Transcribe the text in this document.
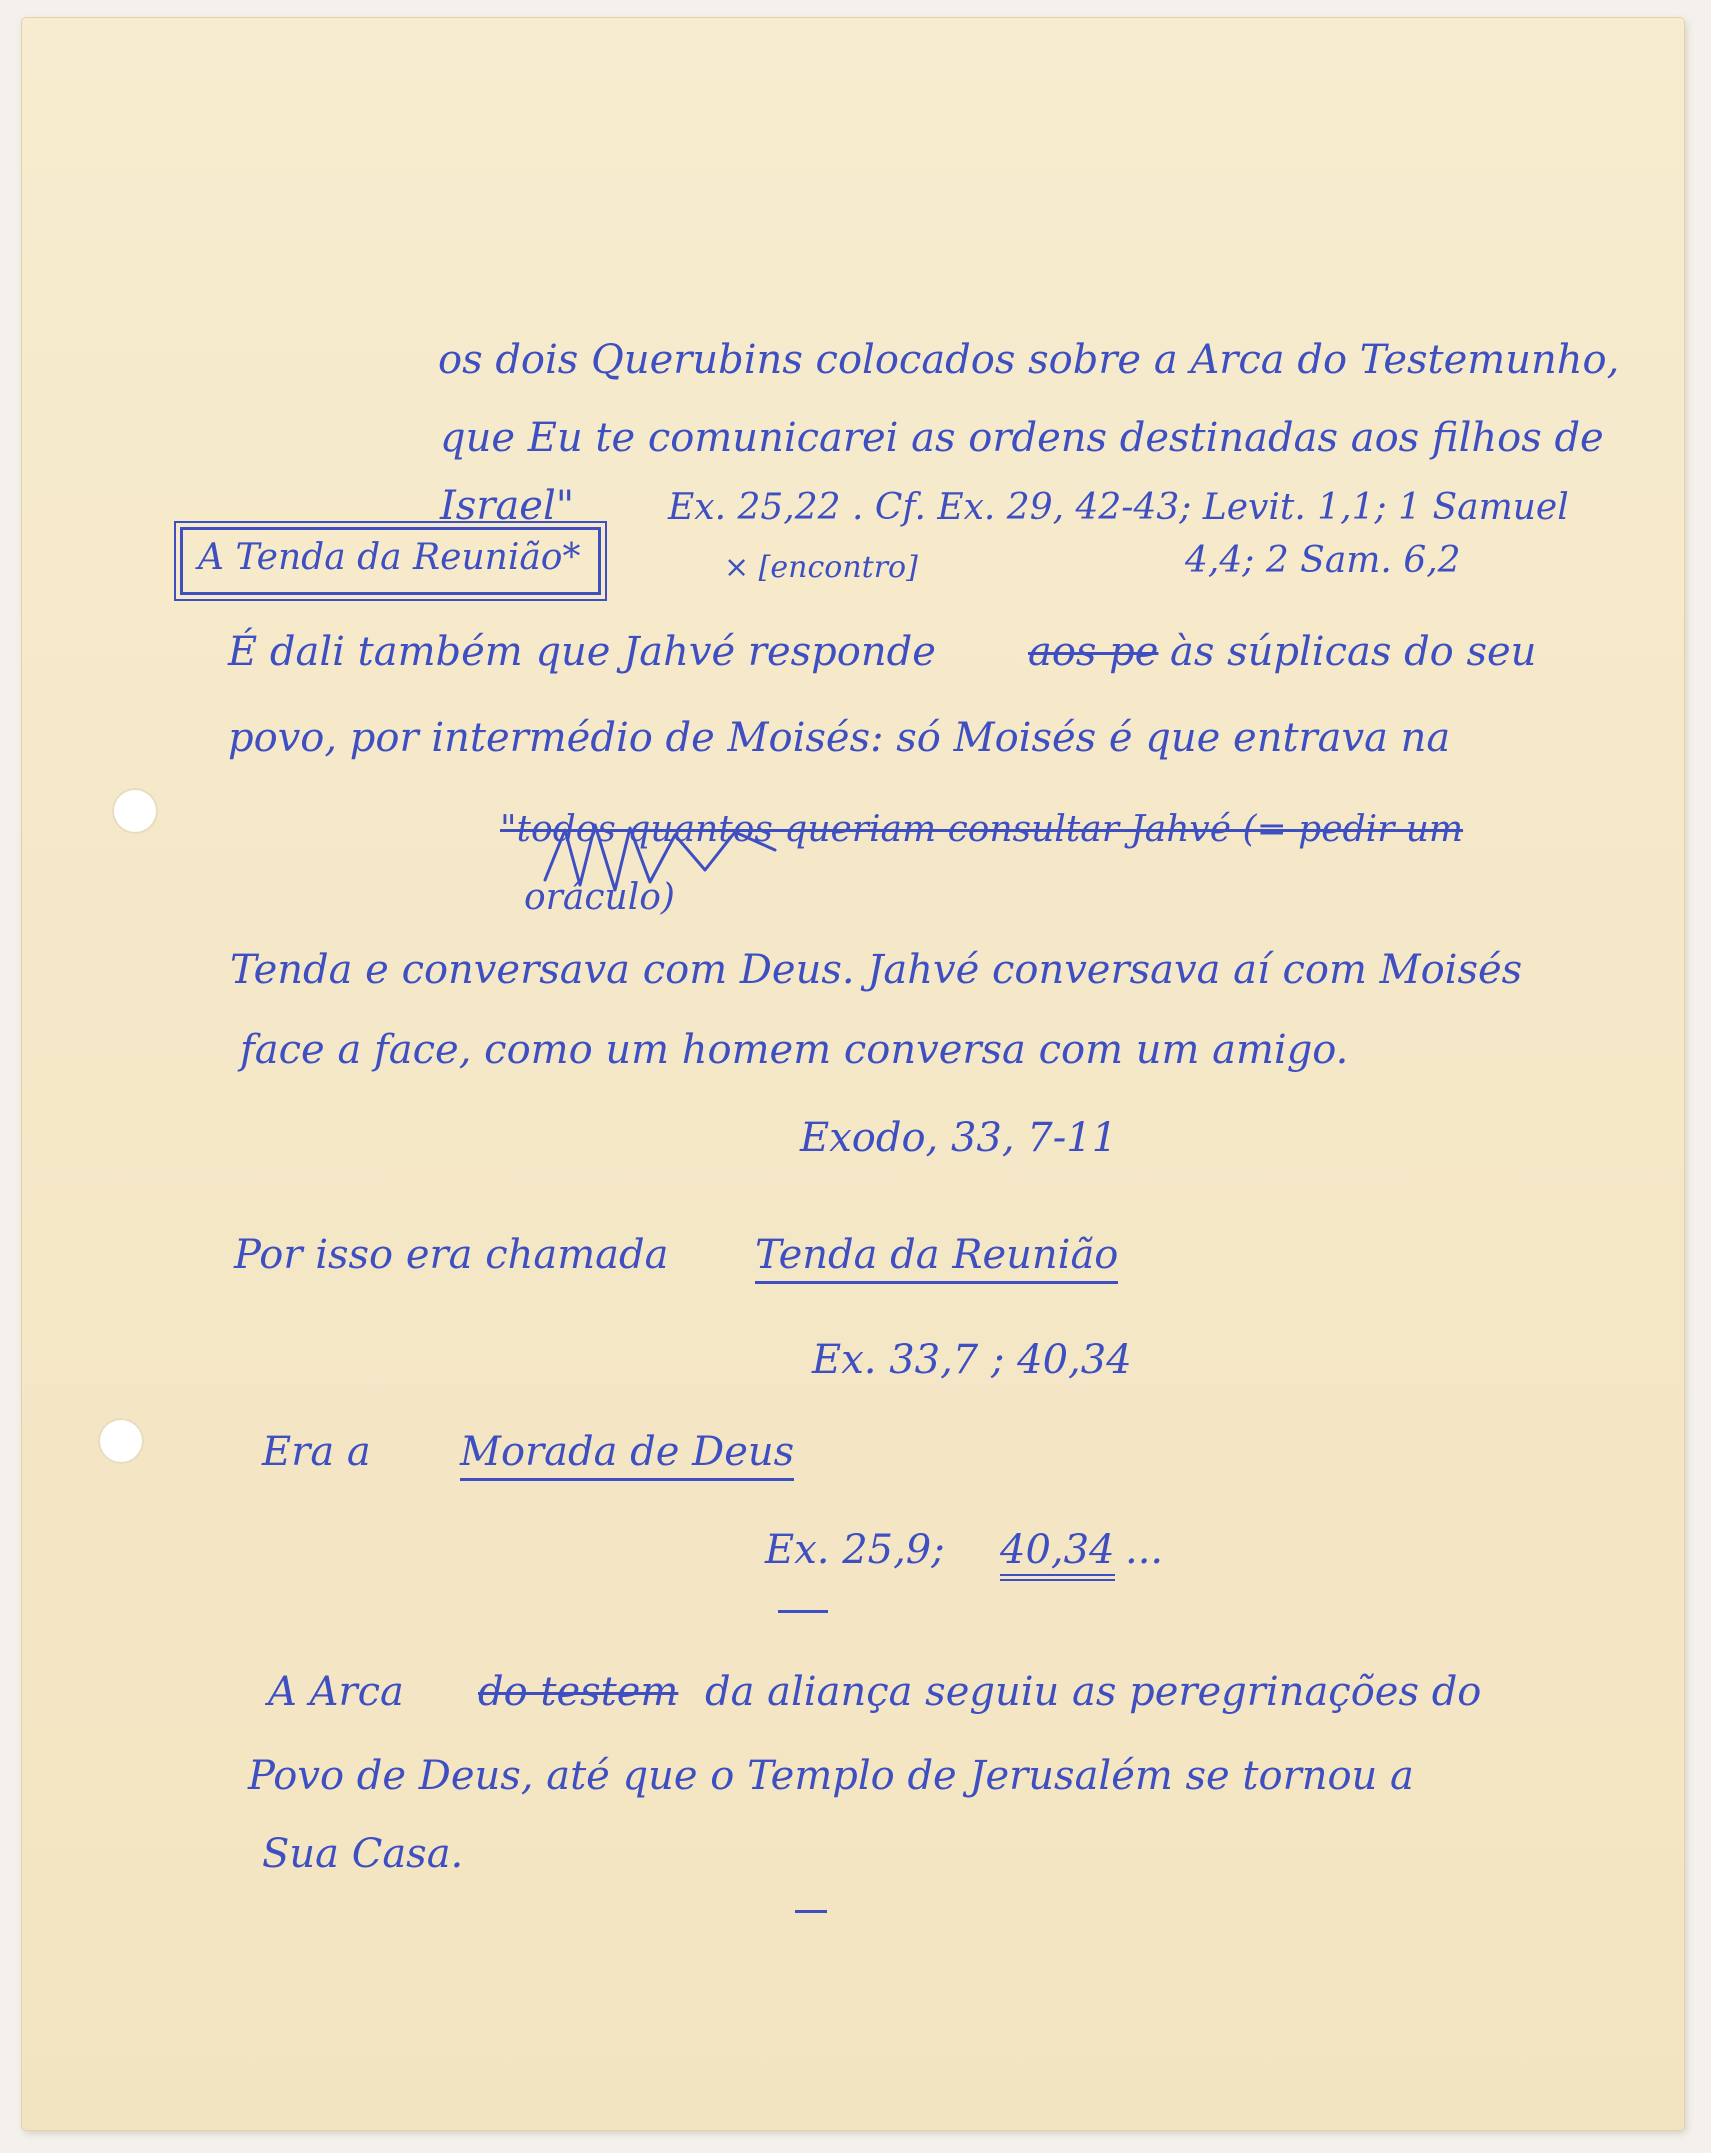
os dois Querubins colocados sobre a Arca do Testemunho,
que Eu te comunicarei as ordens destinadas aos filhos de
Israel"	Ex. 25,22 . Cf. Ex. 29, 42-43; Levit. 1,1; 1 Samuel
A Tenda da Reunião*	× [encontro]	4,4; 2 Sam. 6,2
É dali também que Jahvé responde aos pe às súplicas do seu
povo, por intermédio de Moisés: só Moisés é que entrava na
"todos quantos queriam consultar Jahvé (= pedir um
oráculo)
Tenda e conversava com Deus. Jahvé conversava aí com Moisés
face a face, como um homem conversa com um amigo.
Exodo, 33, 7-11
Por isso era chamada Tenda da Reunião
Ex. 33,7 ; 40,34
Era a Morada de Deus
Ex. 25,9; 40,34 ...
A Arca do testem da aliança seguiu as peregrinações do
Povo de Deus, até que o Templo de Jerusalém se tornou a
Sua Casa.
